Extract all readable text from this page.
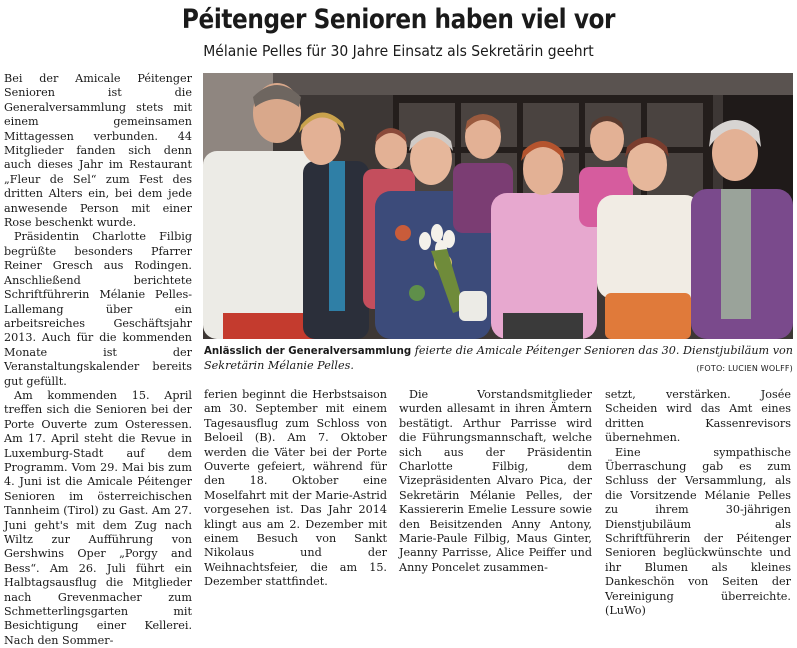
Péitenger Senioren haben viel vor
Mélanie Pelles für 30 Jahre Einsatz als Sekretärin geehrt

Bei der Amicale Péitenger Senioren ist die Generalversammlung stets mit einem gemeinsamen Mittagessen verbunden. 44 Mitglieder fanden sich denn auch dieses Jahr im Restaurant „Fleur de Sel“ zum Fest des dritten Alters ein, bei dem jede anwesende Person mit einer Rose beschenkt wurde.

Präsidentin Charlotte Filbig begrüßte besonders Pfarrer Reiner Gresch aus Rodingen. Anschließend berichtete Schriftführerin Mélanie Pelles-Lallemang über ein arbeitsreiches Geschäftsjahr 2013. Auch für die kommenden Monate ist der Veranstaltungskalender bereits gut gefüllt.

Am kommenden 15. April treffen sich die Senioren bei der Porte Ouverte zum Osteressen. Am 17. April steht die Revue in Luxemburg-Stadt auf dem Programm. Vom 29. Mai bis zum 4. Juni ist die Amicale Péitenger Senioren im österreichischen Tannheim (Tirol) zu Gast. Am 27. Juni geht's mit dem Zug nach Wiltz zur Aufführung von Gershwins Oper „Porgy and Bess“. Am 26. Juli führt ein Halbtagsausflug die Mitglieder nach Grevenmacher zum Schmetterlingsgarten mit Besichtigung einer Kellerei. Nach den Sommer-

Anlässlich der Generalversammlung feierte die Amicale Péitenger Senioren das 30. Dienstjubiläum von Sekretärin Mélanie Pelles.	(FOTO: LUCIEN WOLFF)

ferien beginnt die Herbstsaison am 30. September mit einem Tagesausflug zum Schloss von Beloeil (B). Am 7. Oktober werden die Väter bei der Porte Ouverte gefeiert, während für den 18. Oktober eine Moselfahrt mit der Marie-Astrid vorgesehen ist. Das Jahr 2014 klingt aus am 2. Dezember mit einem Besuch von Sankt Nikolaus und der Weihnachtsfeier, die am 15. Dezember stattfindet.

Die Vorstandsmitglieder wurden allesamt in ihren Ämtern bestätigt. Arthur Parrisse wird die Führungsmannschaft, welche sich aus der Präsidentin Charlotte Filbig, dem Vizepräsidenten Alvaro Pica, der Sekretärin Mélanie Pelles, der Kassiererin Emelie Lessure sowie den Beisitzenden Anny Antony, Marie-Paule Filbig, Maus Ginter, Jeanny Parrisse, Alice Peiffer und Anny Poncelet zusammen-

setzt, verstärken. Josée Scheiden wird das Amt eines dritten Kassenrevisors übernehmen.

Eine sympathische Überraschung gab es zum Schluss der Versammlung, als die Vorsitzende Mélanie Pelles zu ihrem 30-jährigen Dienstjubiläum als Schriftführerin der Péitenger Senioren beglückwünschte und ihr Blumen als kleines Dankeschön von Seiten der Vereinigung überreichte. (LuWo)
